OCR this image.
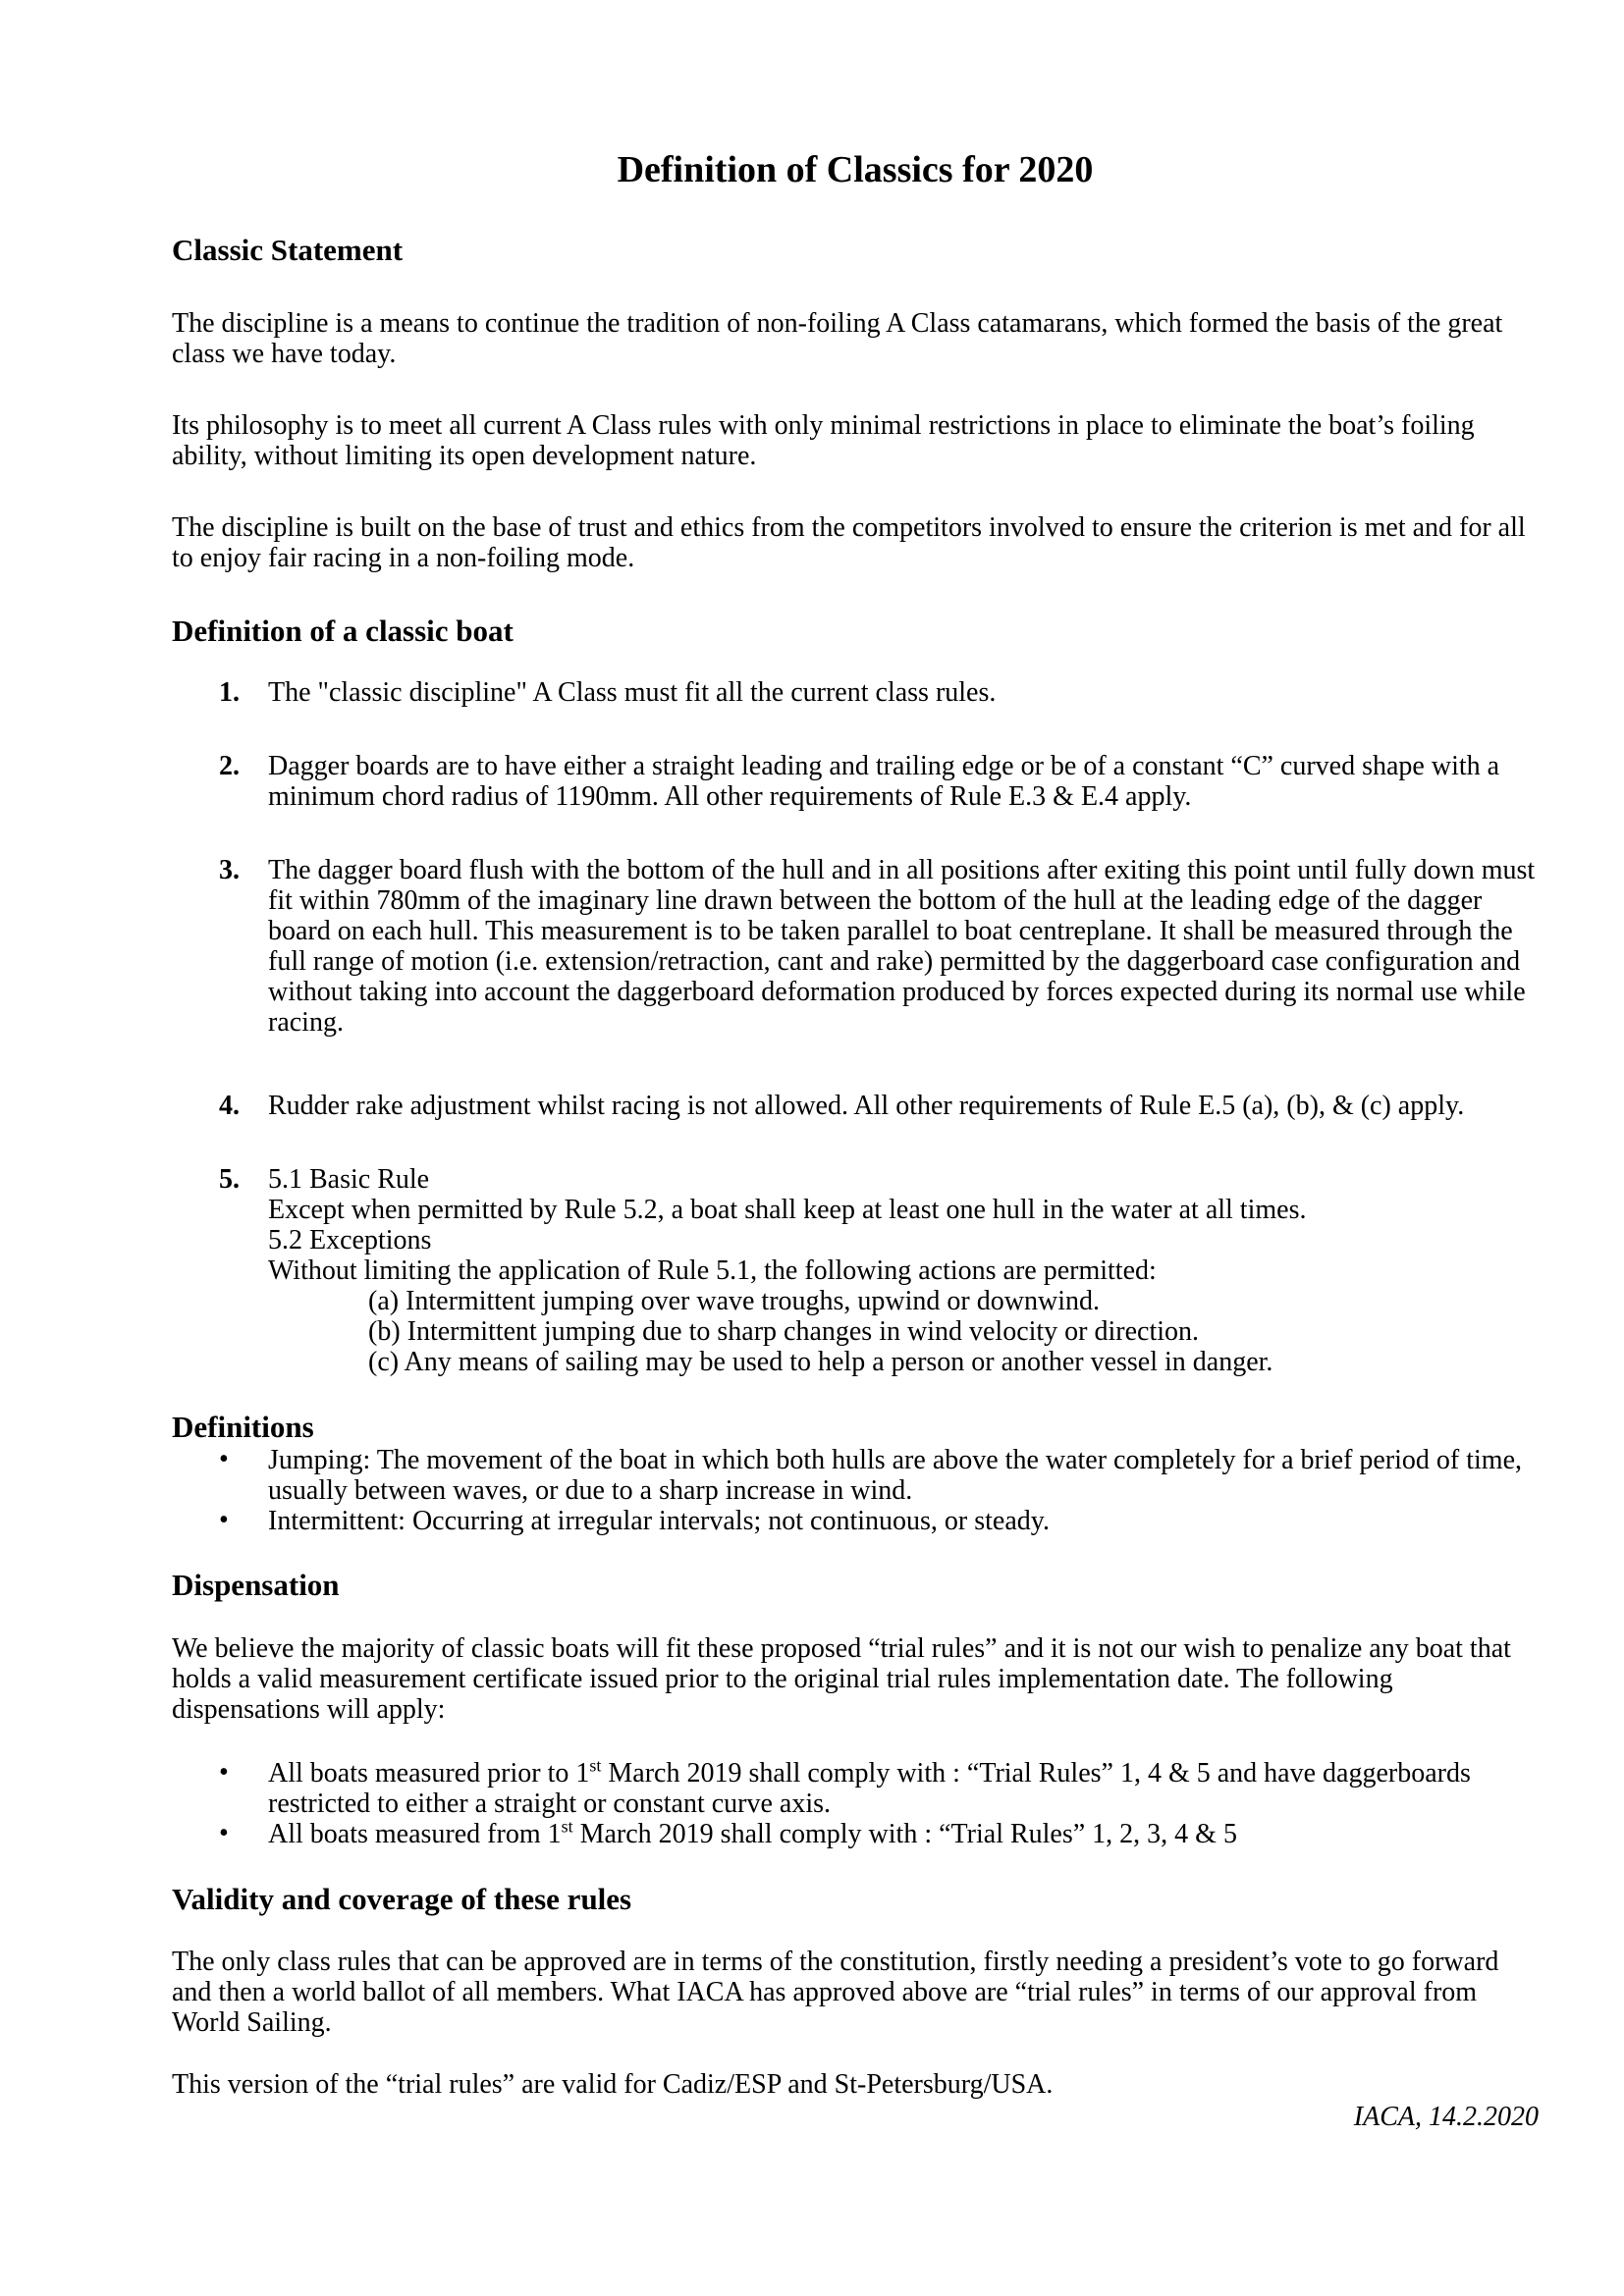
Definition of Classics for 2020
Classic Statement
The discipline is a means to continue the tradition of non-foiling A Class catamarans, which formed the basis of the great class we have today.
Its philosophy is to meet all current A Class rules with only minimal restrictions in place to eliminate the boat’s foiling ability, without limiting its open development nature.
The discipline is built on the base of trust and ethics from the competitors involved to ensure the criterion is met and for all to enjoy fair racing in a non-foiling mode.
Definition of a classic boat
1. The "classic discipline" A Class must fit all the current class rules.
2. Dagger boards are to have either a straight leading and trailing edge or be of a constant “C” curved shape with a minimum chord radius of 1190mm. All other requirements of Rule E.3 & E.4 apply.
3. The dagger board flush with the bottom of the hull and in all positions after exiting this point until fully down must fit within 780mm of the imaginary line drawn between the bottom of the hull at the leading edge of the dagger board on each hull. This measurement is to be taken parallel to boat centreplane. It shall be measured through the full range of motion (i.e. extension/retraction, cant and rake) permitted by the daggerboard case configuration and without taking into account the daggerboard deformation produced by forces expected during its normal use while racing.
4. Rudder rake adjustment whilst racing is not allowed. All other requirements of Rule E.5 (a), (b), & (c) apply.
5. 5.1 Basic Rule
Except when permitted by Rule 5.2, a boat shall keep at least one hull in the water at all times.
5.2 Exceptions
Without limiting the application of Rule 5.1, the following actions are permitted:
(a) Intermittent jumping over wave troughs, upwind or downwind.
(b) Intermittent jumping due to sharp changes in wind velocity or direction.
(c) Any means of sailing may be used to help a person or another vessel in danger.
Definitions
• Jumping: The movement of the boat in which both hulls are above the water completely for a brief period of time, usually between waves, or due to a sharp increase in wind.
• Intermittent: Occurring at irregular intervals; not continuous, or steady.
Dispensation
We believe the majority of classic boats will fit these proposed “trial rules” and it is not our wish to penalize any boat that holds a valid measurement certificate issued prior to the original trial rules implementation date. The following dispensations will apply:
• All boats measured prior to 1st March 2019 shall comply with : “Trial Rules” 1, 4 & 5 and have daggerboards restricted to either a straight or constant curve axis.
• All boats measured from 1st March 2019 shall comply with : “Trial Rules” 1, 2, 3, 4 & 5
Validity and coverage of these rules
The only class rules that can be approved are in terms of the constitution, firstly needing a president’s vote to go forward and then a world ballot of all members. What IACA has approved above are “trial rules” in terms of our approval from World Sailing.
This version of the “trial rules” are valid for Cadiz/ESP and St-Petersburg/USA.
IACA, 14.2.2020
